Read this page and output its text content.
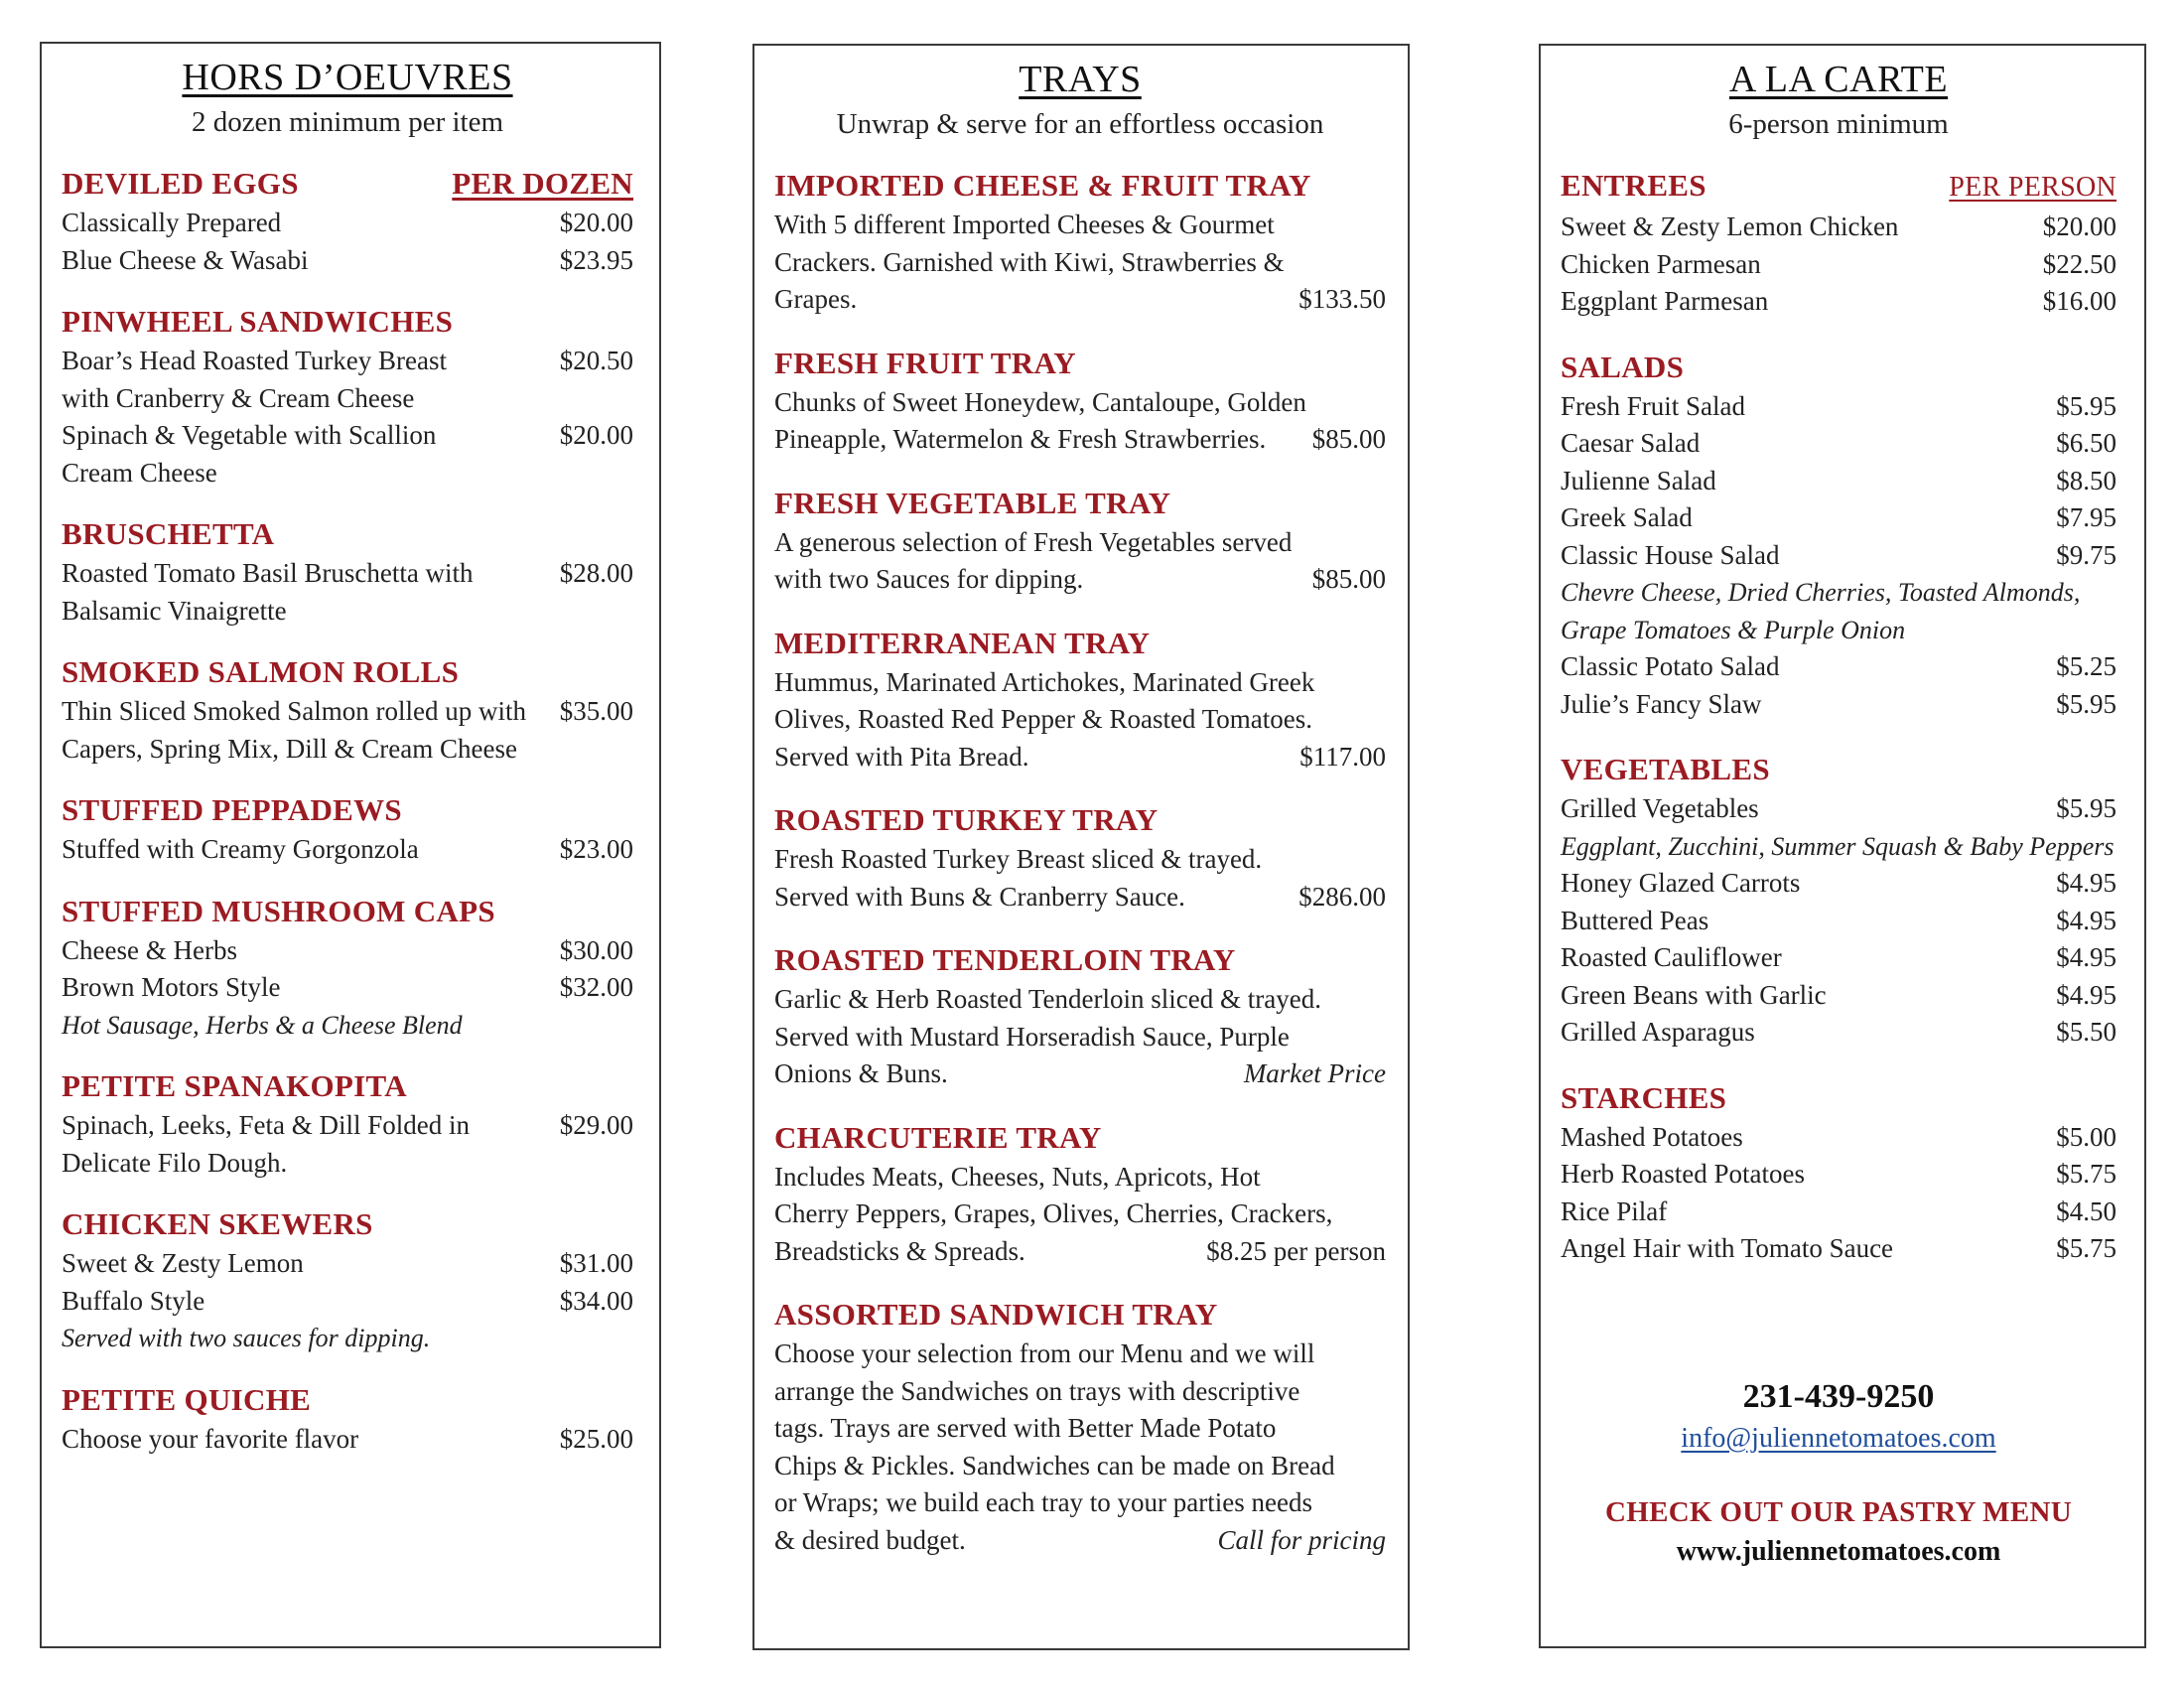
HORS D’OEUVRES
2 dozen minimum per item
DEVILED EGGS	PER DOZEN
Classically Prepared	$20.00
Blue Cheese & Wasabi	$23.95
PINWHEEL SANDWICHES
Boar’s Head Roasted Turkey Breast	$20.50
with Cranberry & Cream Cheese
Spinach & Vegetable with Scallion	$20.00
Cream Cheese
BRUSCHETTA
Roasted Tomato Basil Bruschetta with	$28.00
Balsamic Vinaigrette
SMOKED SALMON ROLLS
Thin Sliced Smoked Salmon rolled up with	$35.00
Capers, Spring Mix, Dill & Cream Cheese
STUFFED PEPPADEWS
Stuffed with Creamy Gorgonzola	$23.00
STUFFED MUSHROOM CAPS
Cheese & Herbs	$30.00
Brown Motors Style	$32.00
Hot Sausage, Herbs & a Cheese Blend
PETITE SPANAKOPITA
Spinach, Leeks, Feta & Dill Folded in	$29.00
Delicate Filo Dough.
CHICKEN SKEWERS
Sweet & Zesty Lemon	$31.00
Buffalo Style	$34.00
Served with two sauces for dipping.
PETITE QUICHE
Choose your favorite flavor	$25.00
TRAYS
Unwrap & serve for an effortless occasion
IMPORTED CHEESE & FRUIT TRAY
With 5 different Imported Cheeses & Gourmet
Crackers. Garnished with Kiwi, Strawberries &
Grapes.	$133.50
FRESH FRUIT TRAY
Chunks of Sweet Honeydew, Cantaloupe, Golden
Pineapple, Watermelon & Fresh Strawberries. $85.00
FRESH VEGETABLE TRAY
A generous selection of Fresh Vegetables served
with two Sauces for dipping.	$85.00
MEDITERRANEAN TRAY
Hummus, Marinated Artichokes, Marinated Greek
Olives, Roasted Red Pepper & Roasted Tomatoes.
Served with Pita Bread.	$117.00
ROASTED TURKEY TRAY
Fresh Roasted Turkey Breast sliced & trayed.
Served with Buns & Cranberry Sauce.	$286.00
ROASTED TENDERLOIN TRAY
Garlic & Herb Roasted Tenderloin sliced & trayed.
Served with Mustard Horseradish Sauce, Purple
Onions & Buns.	Market Price
CHARCUTERIE TRAY
Includes Meats, Cheeses, Nuts, Apricots, Hot
Cherry Peppers, Grapes, Olives, Cherries, Crackers,
Breadsticks & Spreads.	$8.25 per person
ASSORTED SANDWICH TRAY
Choose your selection from our Menu and we will
arrange the Sandwiches on trays with descriptive
tags. Trays are served with Better Made Potato
Chips & Pickles. Sandwiches can be made on Bread
or Wraps; we build each tray to your parties needs
& desired budget.	Call for pricing
A LA CARTE
6-person minimum
ENTREES	PER PERSON
Sweet & Zesty Lemon Chicken	$20.00
Chicken Parmesan	$22.50
Eggplant Parmesan	$16.00
SALADS
Fresh Fruit Salad	$5.95
Caesar Salad	$6.50
Julienne Salad	$8.50
Greek Salad	$7.95
Classic House Salad	$9.75
Chevre Cheese, Dried Cherries, Toasted Almonds,
Grape Tomatoes & Purple Onion
Classic Potato Salad	$5.25
Julie’s Fancy Slaw	$5.95
VEGETABLES
Grilled Vegetables	$5.95
Eggplant, Zucchini, Summer Squash & Baby Peppers
Honey Glazed Carrots	$4.95
Buttered Peas	$4.95
Roasted Cauliflower	$4.95
Green Beans with Garlic	$4.95
Grilled Asparagus	$5.50
STARCHES
Mashed Potatoes	$5.00
Herb Roasted Potatoes	$5.75
Rice Pilaf	$4.50
Angel Hair with Tomato Sauce	$5.75
231-439-9250
info@juliennetomatoes.com
CHECK OUT OUR PASTRY MENU
www.juliennetomatoes.com
